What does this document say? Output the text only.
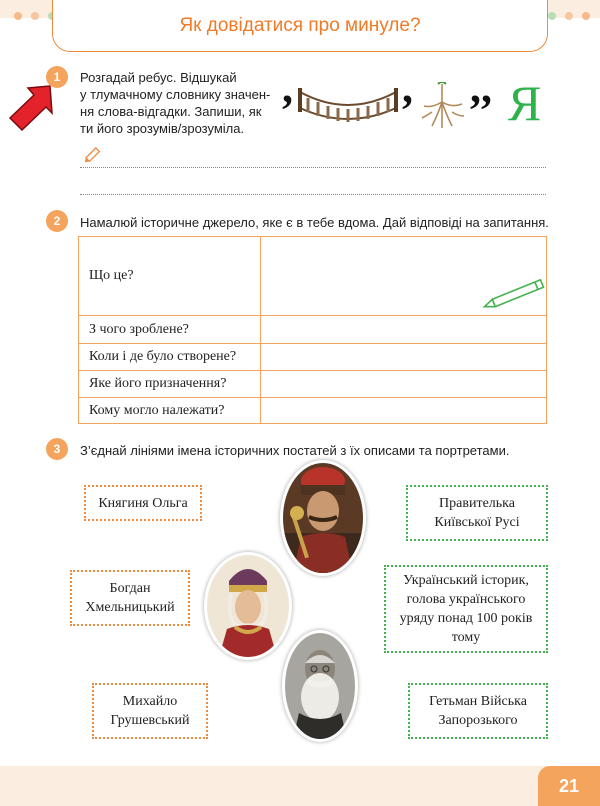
Як довідатися про минуле?
1	Розгадай ребус. Відшукай
у тлумачному словнику значен-
ня слова-відгадки. Запиши, як
ти його зрозумів/зрозуміла.
, , ,, Я
2	Намалюй історичне джерело, яке є в тебе вдома. Дай відповіді на запитання.
Що це?	

З чого зроблене?	
Коли і де було створене?	
Яке його призначення?	
Кому могло належати?	
3	З’єднай лініями імена історичних постатей з їх описами та портретами.
Княгиня Ольга
Богдан Хмельницький
Михайло Грушевський
Правителька Київської Русі
Український історик, голова українського уряду понад 100 років тому
Гетьман Війська Запорозького
21
